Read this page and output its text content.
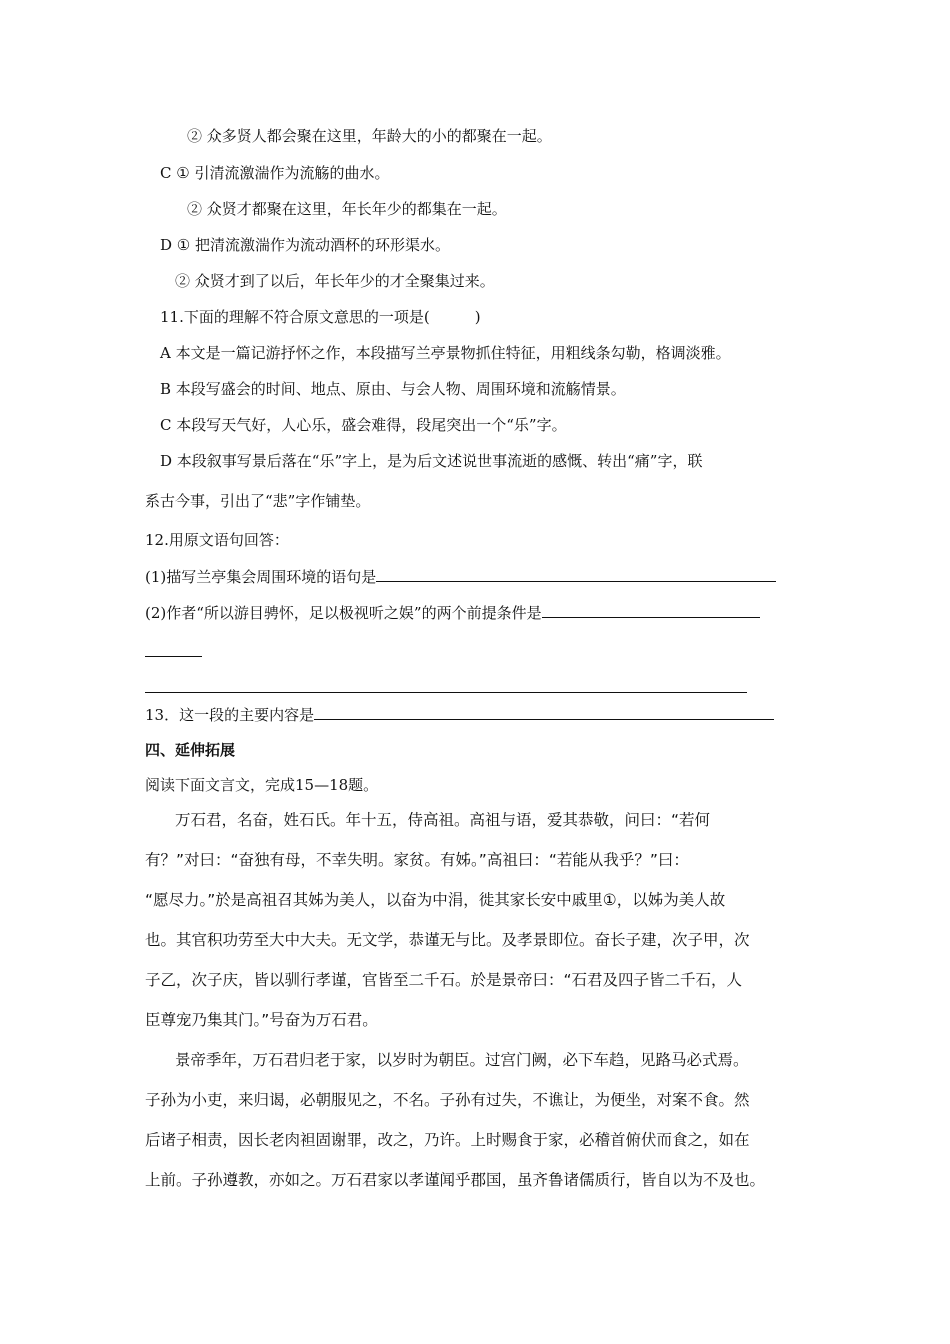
② 众多贤人都会聚在这里，年龄大的小的都聚在一起。
C ① 引清流激湍作为流觞的曲水。
② 众贤才都聚在这里，年长年少的都集在一起。
D ① 把清流激湍作为流动酒杯的环形渠水。
② 众贤才到了以后，年长年少的才全聚集过来。
11.下面的理解不符合原文意思的一项是(　　　)
A 本文是一篇记游抒怀之作，本段描写兰亭景物抓住特征，用粗线条勾勒，格调淡雅。
B 本段写盛会的时间、地点、原由、与会人物、周围环境和流觞情景。
C 本段写天气好，人心乐，盛会难得，段尾突出一个“乐”字。
D 本段叙事写景后落在“乐”字上，是为后文述说世事流逝的感慨、转出“痛”字，联
系古今事，引出了“悲”字作铺垫。
12.用原文语句回答：
(1)描写兰亭集会周围环境的语句是
(2)作者“所以游目骋怀，足以极视听之娱”的两个前提条件是
13．这一段的主要内容是
四、延伸拓展
阅读下面文言文，完成15—18题。
万石君，名奋，姓石氏。年十五，侍高祖。高祖与语，爱其恭敬，问曰：“若何
有？”对曰：“奋独有母，不幸失明。家贫。有姊。”高祖曰：“若能从我乎？”曰：
“愿尽力。”於是高祖召其姊为美人，以奋为中涓，徙其家长安中戚里①，以姊为美人故
也。其官积功劳至大中大夫。无文学，恭谨无与比。及孝景即位。奋长子建，次子甲，次
子乙，次子庆，皆以驯行孝谨，官皆至二千石。於是景帝曰：“石君及四子皆二千石，人
臣尊宠乃集其门。”号奋为万石君。
景帝季年，万石君归老于家，以岁时为朝臣。过宫门阙，必下车趋，见路马必式焉。
子孙为小吏，来归谒，必朝服见之，不名。子孙有过失，不谯让，为便坐，对案不食。然
后诸子相责，因长老肉袒固谢罪，改之，乃许。上时赐食于家，必稽首俯伏而食之，如在
上前。子孙遵教，亦如之。万石君家以孝谨闻乎郡国，虽齐鲁诸儒质行，皆自以为不及也。
